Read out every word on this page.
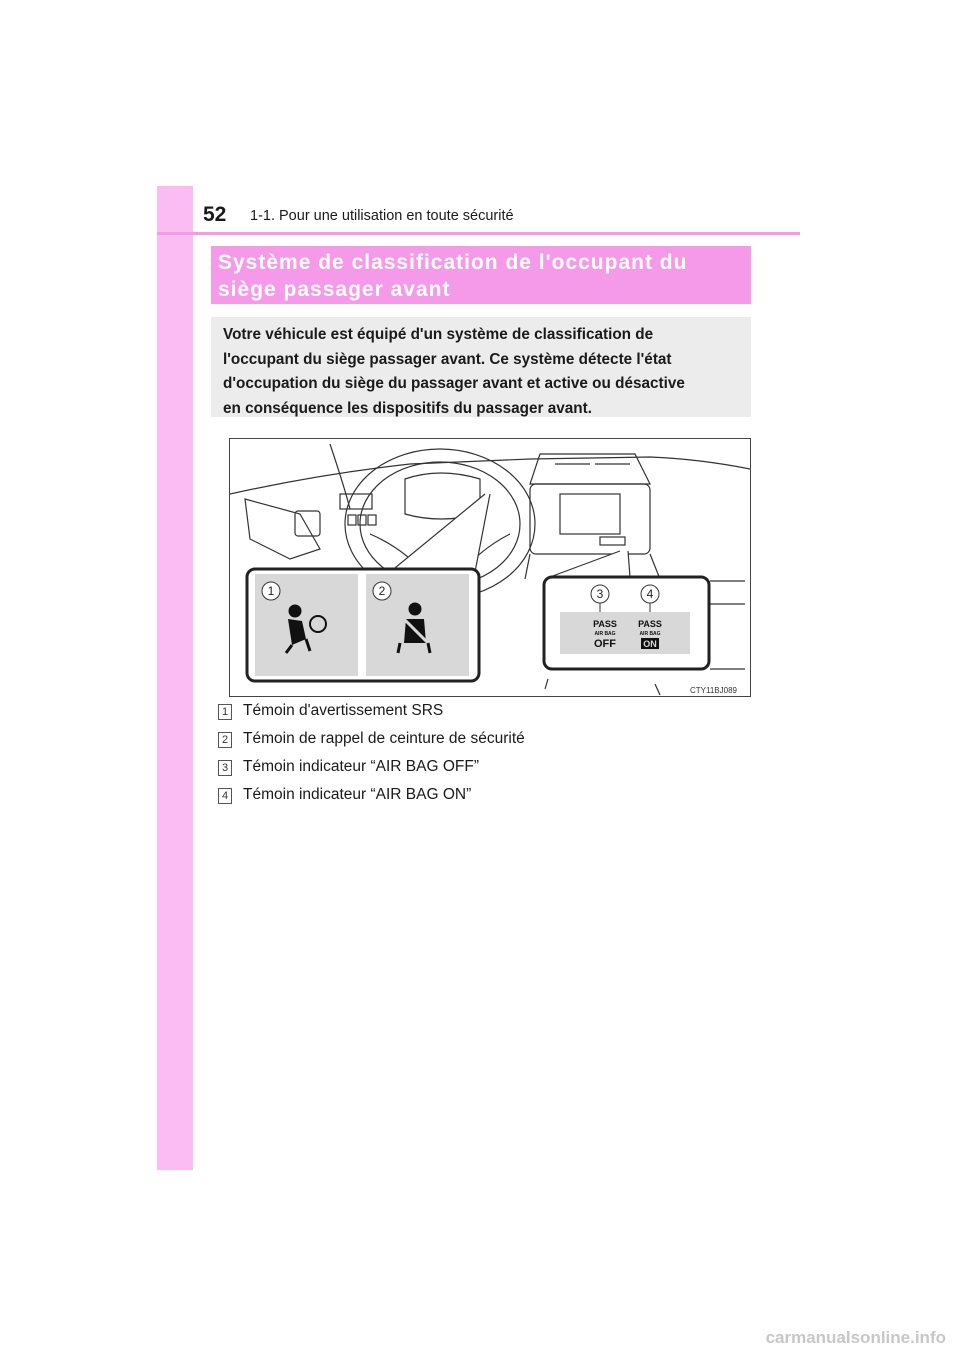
52 1-1. Pour une utilisation en toute sécurité
Système de classification de l'occupant du
siège passager avant
Votre véhicule est équipé d'un système de classification de
l'occupant du siège passager avant. Ce système détecte l'état
d'occupation du siège du passager avant et active ou désactive
en conséquence les dispositifs du passager avant.
1	2	3	4
PASS
AIR BAG
OFF
PASS
AIR BAG
ON
CTY11BJ089
1 Témoin d'avertissement SRS
2 Témoin de rappel de ceinture de sécurité
3 Témoin indicateur “AIR BAG OFF”
4 Témoin indicateur “AIR BAG ON”
carmanualsonline.info
